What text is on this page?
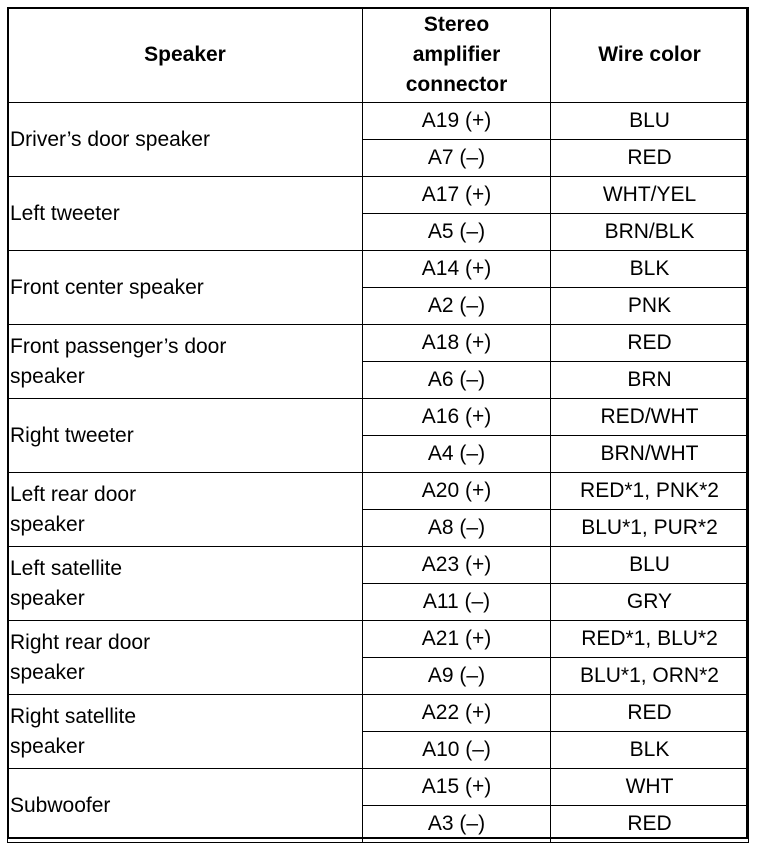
Speaker	Stereo
amplifier
connector	Wire color

Driver’s door speaker	A19 (+)	BLU
	A7 (–)	RED

Left tweeter	A17 (+)	WHT/YEL
	A5 (–)	BRN/BLK

Front center speaker	A14 (+)	BLK
	A2 (–)	PNK

Front passenger’s door
speaker	A18 (+)	RED
	A6 (–)	BRN

Right tweeter	A16 (+)	RED/WHT
	A4 (–)	BRN/WHT

Left rear door
speaker	A20 (+)	RED*1, PNK*2
	A8 (–)	BLU*1, PUR*2

Left satellite
speaker	A23 (+)	BLU
	A11 (–)	GRY

Right rear door
speaker	A21 (+)	RED*1, BLU*2
	A9 (–)	BLU*1, ORN*2

Right satellite
speaker	A22 (+)	RED
	A10 (–)	BLK

Subwoofer	A15 (+)	WHT
	A3 (–)	RED
